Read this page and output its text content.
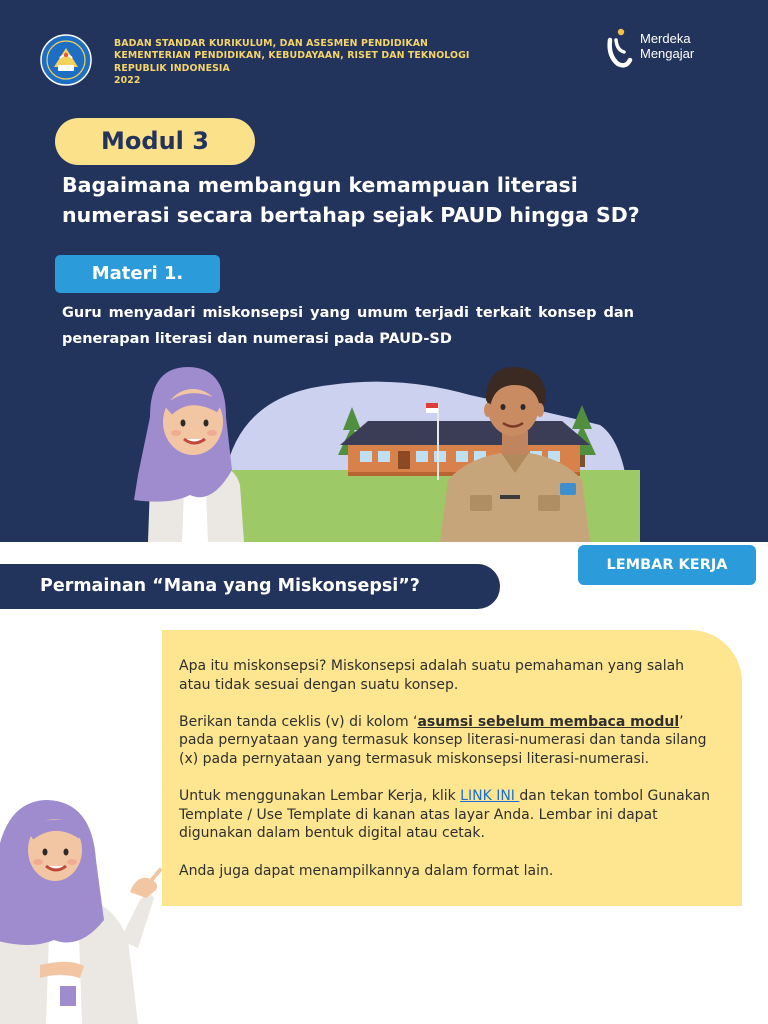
BADAN STANDAR KURIKULUM, DAN ASESMEN PENDIDIKAN
KEMENTERIAN PENDIDIKAN, KEBUDAYAAN, RISET DAN TEKNOLOGI
REPUBLIK INDONESIA
2022
Merdeka
Mengajar
Modul 3
Bagaimana membangun kemampuan literasi
numerasi secara bertahap sejak PAUD hingga SD?
Materi 1.
Guru menyadari miskonsepsi yang umum terjadi terkait konsep dan penerapan literasi dan numerasi pada PAUD-SD
LEMBAR KERJA
Permainan “Mana yang Miskonsepsi”?

Apa itu miskonsepsi? Miskonsepsi adalah suatu pemahaman yang salah atau tidak sesuai dengan suatu konsep.

Berikan tanda ceklis (v) di kolom ‘asumsi sebelum membaca modul’ pada pernyataan yang termasuk konsep literasi-numerasi dan tanda silang (x) pada pernyataan yang termasuk miskonsepsi literasi-numerasi.

Untuk menggunakan Lembar Kerja, klik LINK INI dan tekan tombol Gunakan Template / Use Template di kanan atas layar Anda. Lembar ini dapat digunakan dalam bentuk digital atau cetak.

Anda juga dapat menampilkannya dalam format lain.
